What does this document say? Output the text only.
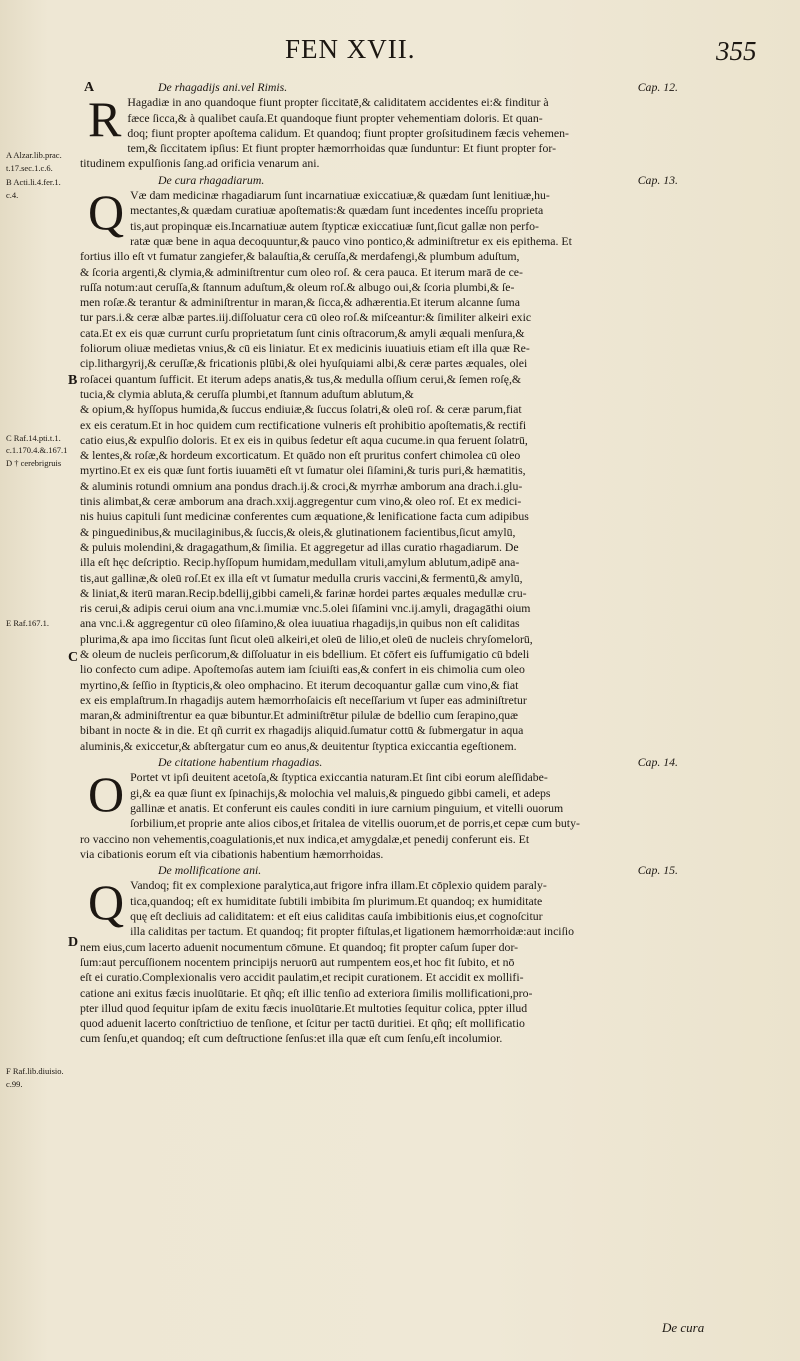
FEN XVII.	355
A Alzar.lib.prac.
t.17.sec.1.c.6.
B Acti.li.4.fer.1.
c.4.
C Raf.14.pti.t.1.
c.1.170.4.&.167.1
D † cerebrigruis
E Raf.167.1.
F Raf.lib.diuisio.
c.99.
A
B
C
D
De rhagadijs ani.vel Rimis.	Cap. 12.
R Hagadiæ in ano quandoque fiunt propter ſiccitatē,& caliditatem accidentes ei:& finditur à
fæce ſicca,& à qualibet cauſa.Et quandoque fiunt propter vehementiam doloris. Et quan-
doq; fiunt propter apoſtema calidum. Et quandoq; fiunt propter groſsitudinem fæcis vehemen-
tem,& ſiccitatem ipſius: Et fiunt propter hæmorrhoidas quæ ſunduntur: Et fiunt propter for-
titudinem expulſionis ſang.ad orificia venarum ani.
De cura rhagadiarum.	Cap. 13.
Q Væ dam medicinæ rhagadiarum ſunt incarnatiuæ exiccatiuæ,& quædam ſunt lenitiuæ,hu-
mectantes,& quædam curatiuæ apoſtematis:& quædam ſunt incedentes inceſſu proprieta
tis,aut propinquæ eis.Incarnatiuæ autem ſtypticæ exiccatiuæ ſunt,ſicut gallæ non perfo-
ratæ quæ bene in aqua decoquuntur,& pauco vino pontico,& adminiſtretur ex eis epithema. Et
fortius illo eſt vt fumatur zangiefer,& balauſtia,& ceruſſa,& merdafengi,& plumbum aduſtum,
& ſcoria argenti,& clymia,& adminiſtrentur cum oleo roſ. & cera pauca. Et iterum marā de ce-
ruſſa notum:aut ceruſſa,& ſtannum aduſtum,& oleum roſ.& albugo oui,& ſcoria plumbi,& ſe-
men roſæ.& terantur & adminiſtrentur in maran,& ſicca,& adhærentia.Et iterum alcanne ſuma
tur pars.i.& ceræ albæ partes.iij.diſſoluatur cera cū oleo roſ.& miſceantur:& ſimiliter alkeiri exic
cata.Et ex eis quæ currunt curſu proprietatum ſunt cinis oſtracorum,& amyli æquali menſura,&
foliorum oliuæ medietas vnius,& cū eis liniatur. Et ex medicinis iuuatiuis etiam eſt illa quæ Re-
cip.lithargyrij,& ceruſſæ,& fricationis plūbi,& olei hyuſquiami albi,& ceræ partes æquales, olei
roſacei quantum ſufficit. Et iterum adeps anatis,& tus,& medulla oſſium cerui,& ſemen roſę,&
tucia,& clymia abluta,& ceruſſa plumbi,et ſtannum aduſtum ablutum,&
& opium,& hyſſopus humida,& ſuccus endiuiæ,& ſuccus ſolatri,& oleū roſ. & ceræ parum,fiat
ex eis ceratum.Et in hoc quidem cum rectificatione vulneris eſt prohibitio apoſtematis,& rectifi
catio eius,& expulſio doloris. Et ex eis in quibus ſedetur eſt aqua cucume.in qua feruent ſolatrū,
& lentes,& roſæ,& hordeum excorticatum. Et quādo non eſt pruritus confert chimolea cū oleo
myrtino.Et ex eis quæ ſunt fortis iuuamēti eſt vt ſumatur olei ſiſamini,& turis puri,& hæmatitis,
& aluminis rotundi omnium ana pondus drach.ij.& croci,& myrrhæ amborum ana drach.i.glu-
tinis alimbat,& ceræ amborum ana drach.xxij.aggregentur cum vino,& oleo roſ. Et ex medici-
nis huius capituli ſunt medicinæ conferentes cum æquatione,& lenificatione facta cum adipibus
& pinguedinibus,& mucilaginibus,& ſuccis,& oleis,& glutinationem facientibus,ſicut amylū,
& puluis molendini,& dragagathum,& ſimilia. Et aggregetur ad illas curatio rhagadiarum. De
illa eſt hęc deſcriptio. Recip.hyſſopum humidam,medullam vituli,amylum ablutum,adipē ana-
tis,aut gallinæ,& oleū roſ.Et ex illa eſt vt ſumatur medulla cruris vaccini,& fermentū,& amylū,
& liniat,& iterū maran.Recip.bdellij,gibbi cameli,& farinæ hordei partes æquales medullæ cru-
ris cerui,& adipis cerui oium ana vnc.i.mumiæ vnc.5.olei ſiſamini vnc.ij.amyli, dragagāthi oium
ana vnc.i.& aggregentur cū oleo ſiſamino,& olea iuuatiua rhagadijs,in quibus non eſt caliditas
plurima,& apa imo ſiccitas ſunt ſicut oleū alkeiri,et oleū de lilio,et oleū de nucleis chryſomelorū,
& oleum de nucleis perſicorum,& diſſoluatur in eis bdellium. Et cōfert eis ſuffumigatio cū bdeli
lio confecto cum adipe. Apoſtemoſas autem iam ſciuiſti eas,& confert in eis chimolia cum oleo
myrtino,& ſeſſio in ſtypticis,& oleo omphacino. Et iterum decoquantur gallæ cum vino,& fiat
ex eis emplaſtrum.In rhagadijs autem hæmorrhoſaicis eſt neceſſarium vt ſuper eas adminiſtretur
maran,& adminiſtrentur ea quæ bibuntur.Et adminiſtrētur pilulæ de bdellio cum ſerapino,quæ
bibant in nocte & in die. Et qñ currit ex rhagadijs aliquid.ſumatur cottū & ſubmergatur in aqua
aluminis,& exiccetur,& abſtergatur cum eo anus,& deuitentur ſtyptica exiccantia egeſtionem.
De citatione habentium rhagadias.	Cap. 14.
O Portet vt ipſi deuitent acetoſa,& ſtyptica exiccantia naturam.Et ſint cibi eorum aleſſidabe-
gi,& ea quæ ſiunt ex ſpinachijs,& molochia vel maluis,& pinguedo gibbi cameli, et adeps
gallinæ et anatis. Et conferunt eis caules conditi in iure carnium pinguium, et vitelli ouorum
ſorbilium,et proprie ante alios cibos,et ſritalea de vitellis ouorum,et de porris,et cepæ cum buty-
ro vaccino non vehementis,coagulationis,et nux indica,et amygdalæ,et penedij conferunt eis. Et
via cibationis eorum eſt via cibationis habentium hæmorrhoidas.
De mollificatione ani.	Cap. 15.
Q Vandoq; fit ex complexione paralytica,aut frigore infra illam.Et cōplexio quidem paraly-
tica,quandoq; eſt ex humiditate ſubtili imbibita ſm plurimum.Et quandoq; ex humiditate
quę eſt decliuis ad caliditatem: et eſt eius caliditas cauſa imbibitionis eius,et cognoſcitur
illa caliditas per tactum. Et quandoq; fit propter fiſtulas,et ligationem hæmorrhoidæ:aut inciſio
nem eius,cum lacerto aduenit nocumentum cōmune. Et quandoq; fit propter caſum ſuper dor-
ſum:aut percuſſionem nocentem principijs neruorū aut rumpentem eos,et hoc fit ſubito, et nō
eſt ei curatio.Complexionalis vero accidit paulatim,et recipit curationem. Et accidit ex mollifi-
catione ani exitus fæcis inuolūtarie. Et qñq; eſt illic tenſio ad exteriora ſimilis mollificationi,pro-
pter illud quod ſequitur ipſam de exitu fæcis inuolūtarie.Et multoties ſequitur colica, ppter illud
quod aduenit lacerto conſtrictiuo de tenſione, et ſcitur per tactū duritiei. Et qñq; eſt mollificatio
cum ſenſu,et quandoq; eſt cum deſtructione ſenſus:et illa quæ eſt cum ſenſu,eſt incolumior.
De cura
